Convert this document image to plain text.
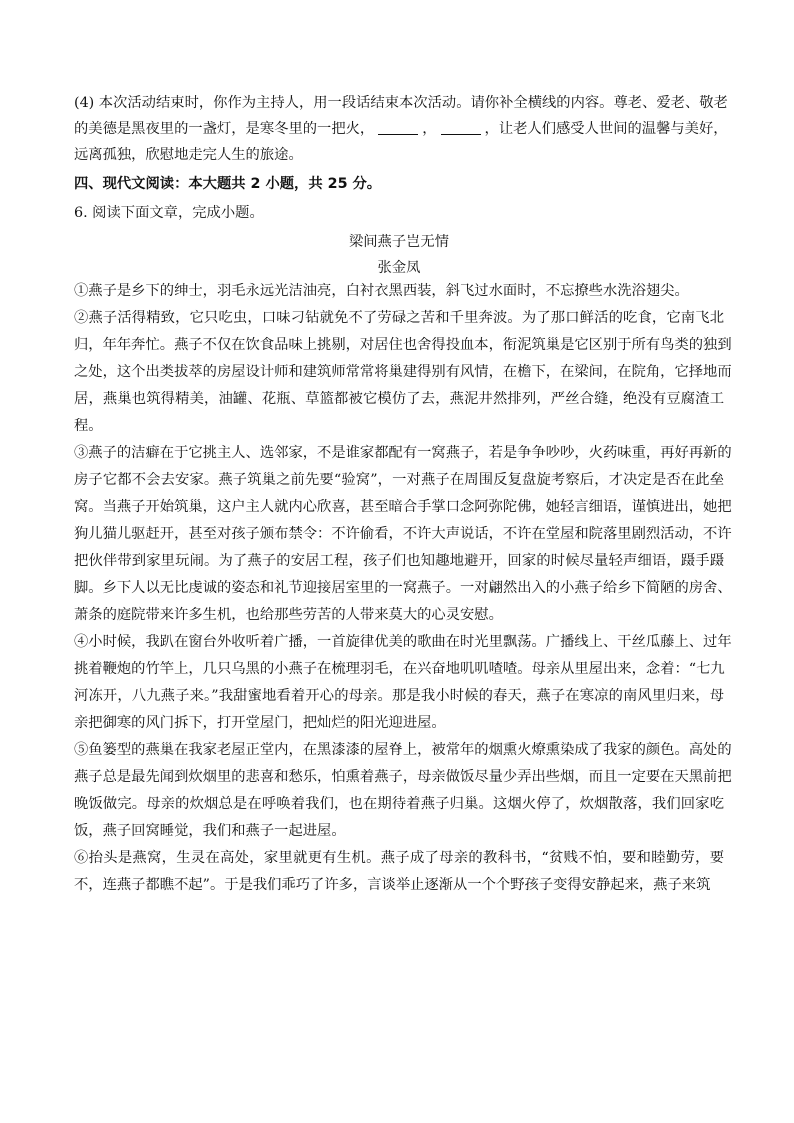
(4) 本次活动结束时，你作为主持人，用一段话结束本次活动。请你补全横线的内容。尊老、爱老、敬老
的美德是黑夜里的一盏灯，是寒冬里的一把火，	，	，让老人们感受人世间的温馨与美好，
远离孤独，欣慰地走完人生的旅途。
四、现代文阅读：本大题共 2 小题，共 25 分。
6. 阅读下面文章，完成小题。
梁间燕子岂无情
张金凤
①燕子是乡下的绅士，羽毛永远光洁油亮，白衬衣黑西装，斜飞过水面时，不忘撩些水洗浴翅尖。
②燕子活得精致，它只吃虫，口味刁钻就免不了劳碌之苦和千里奔波。为了那口鲜活的吃食，它南飞北
归，年年奔忙。燕子不仅在饮食品味上挑剔，对居住也舍得投血本，衔泥筑巢是它区别于所有鸟类的独到
之处，这个出类拔萃的房屋设计师和建筑师常常将巢建得别有风情，在檐下，在梁间，在院角，它择地而
居，燕巢也筑得精美，油罐、花瓶、草篮都被它模仿了去，燕泥井然排列，严丝合缝，绝没有豆腐渣工
程。
③燕子的洁癖在于它挑主人、选邻家，不是谁家都配有一窝燕子，若是争争吵吵，火药味重，再好再新的
房子它都不会去安家。燕子筑巢之前先要“验窝”，一对燕子在周围反复盘旋考察后，才决定是否在此垒
窝。当燕子开始筑巢，这户主人就内心欣喜，甚至暗合手掌口念阿弥陀佛，她轻言细语，谨慎进出，她把
狗儿猫儿驱赶开，甚至对孩子颁布禁令：不许偷看，不许大声说话，不许在堂屋和院落里剧烈活动，不许
把伙伴带到家里玩闹。为了燕子的安居工程，孩子们也知趣地避开，回家的时候尽量轻声细语，蹑手蹑
脚。乡下人以无比虔诚的姿态和礼节迎接居室里的一窝燕子。一对翩然出入的小燕子给乡下简陋的房舍、
萧条的庭院带来许多生机，也给那些劳苦的人带来莫大的心灵安慰。
④小时候，我趴在窗台外收听着广播，一首旋律优美的歌曲在时光里飘荡。广播线上、干丝瓜藤上、过年
挑着鞭炮的竹竿上，几只乌黑的小燕子在梳理羽毛，在兴奋地叽叽喳喳。母亲从里屋出来，念着：“七九
河冻开，八九燕子来。”我甜蜜地看着开心的母亲。那是我小时候的春天，燕子在寒凉的南风里归来，母
亲把御寒的风门拆下，打开堂屋门，把灿烂的阳光迎进屋。
⑤鱼篓型的燕巢在我家老屋正堂内，在黑漆漆的屋脊上，被常年的烟熏火燎熏染成了我家的颜色。高处的
燕子总是最先闻到炊烟里的悲喜和愁乐，怕熏着燕子，母亲做饭尽量少弄出些烟，而且一定要在天黑前把
晚饭做完。母亲的炊烟总是在呼唤着我们，也在期待着燕子归巢。这烟火停了，炊烟散落，我们回家吃
饭，燕子回窝睡觉，我们和燕子一起进屋。
⑥抬头是燕窝，生灵在高处，家里就更有生机。燕子成了母亲的教科书，“贫贱不怕，要和睦勤劳，要
不，连燕子都瞧不起”。于是我们乖巧了许多，言谈举止逐渐从一个个野孩子变得安静起来，燕子来筑
